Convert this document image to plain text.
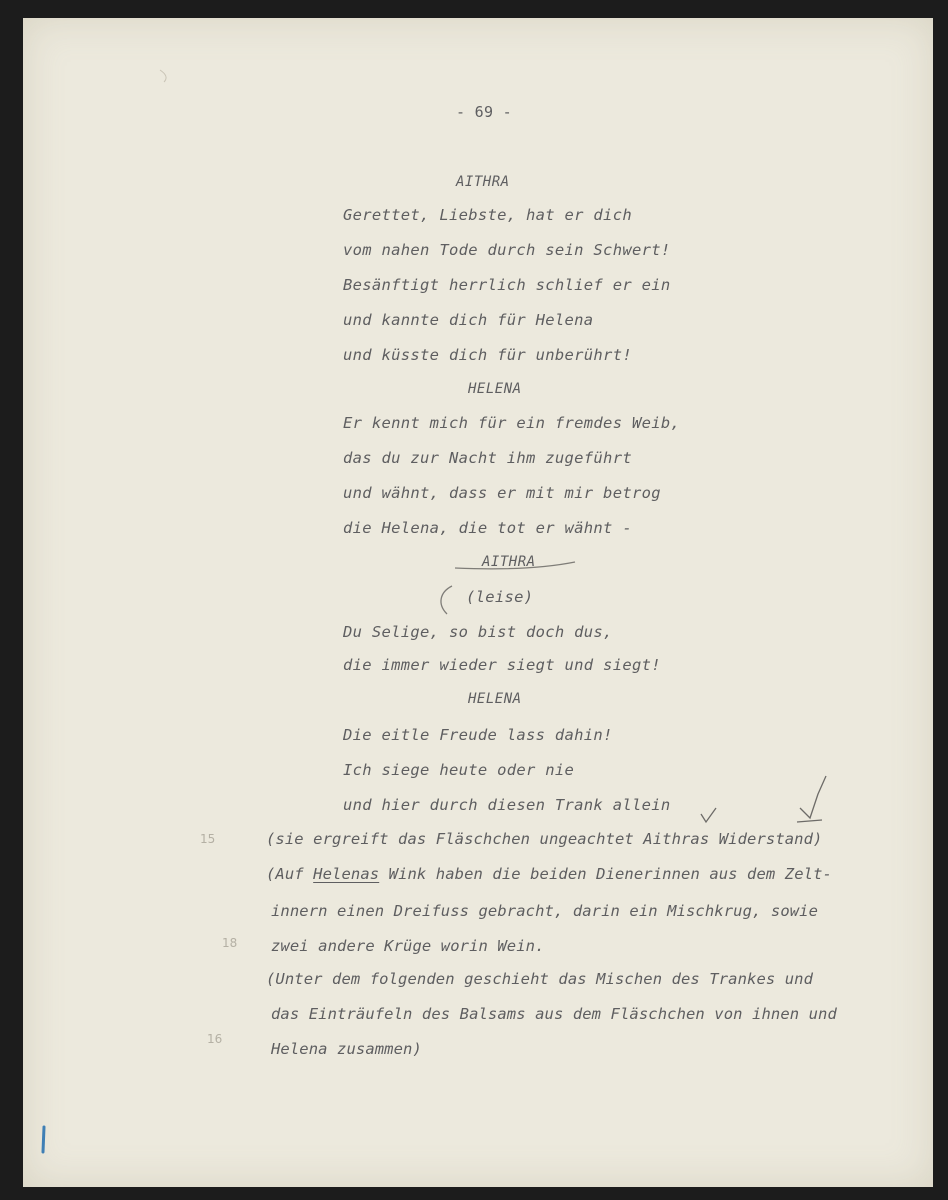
- 69 -
AITHRA
Gerettet, Liebste, hat er dich
vom nahen Tode durch sein Schwert!
Besänftigt herrlich schlief er ein
und kannte dich für Helena
und küsste dich für unberührt!
HELENA
Er kennt mich für ein fremdes Weib,
das du zur Nacht ihm zugeführt
und wähnt, dass er mit mir betrog
die Helena, die tot er wähnt -
AITHRA
(leise)
Du Selige, so bist doch dus,
die immer wieder siegt und siegt!
HELENA
Die eitle Freude lass dahin!
Ich siege heute oder nie
und hier durch diesen Trank allein
(sie ergreift das Fläschchen ungeachtet Aithras Widerstand)
(Auf Helenas Wink haben die beiden Dienerinnen aus dem Zelt-
innern einen Dreifuss gebracht, darin ein Mischkrug, sowie
zwei andere Krüge worin Wein.
(Unter dem folgenden geschieht das Mischen des Trankes und
das Einträufeln des Balsams aus dem Fläschchen von ihnen und
Helena zusammen)
15
18
16
